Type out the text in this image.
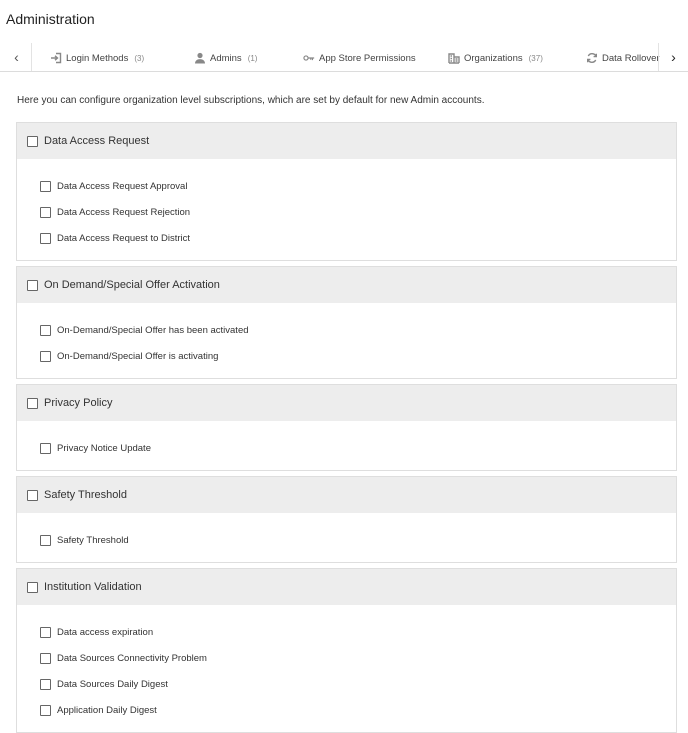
Administration
‹	Login Methods (3)	Admins (1)	App Store Permissions	Organizations (37)	Data Rollover ›
Here you can configure organization level subscriptions, which are set by default for new Admin accounts.
Data Access Request
Data Access Request Approval
Data Access Request Rejection
Data Access Request to District
On Demand/Special Offer Activation
On-Demand/Special Offer has been activated
On-Demand/Special Offer is activating
Privacy Policy
Privacy Notice Update
Safety Threshold
Safety Threshold
Institution Validation
Data access expiration
Data Sources Connectivity Problem
Data Sources Daily Digest
Application Daily Digest
